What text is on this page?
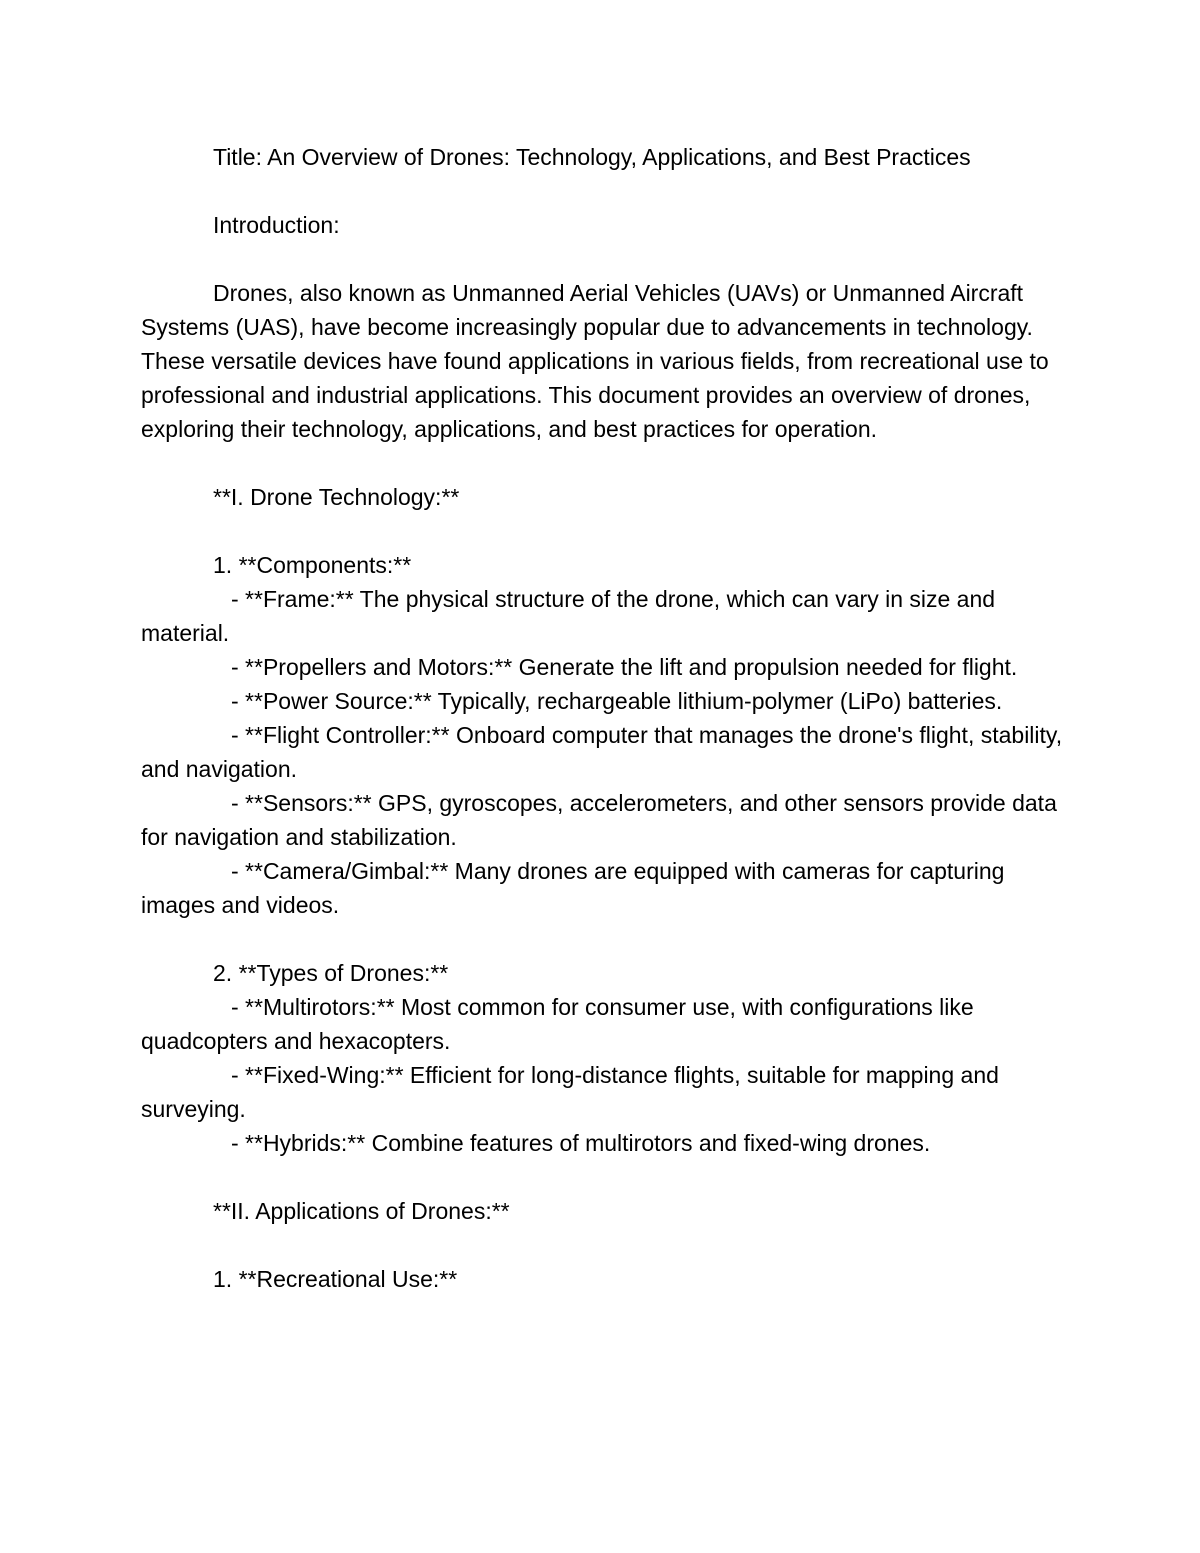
Title: An Overview of Drones: Technology, Applications, and Best Practices

Introduction:

Drones, also known as Unmanned Aerial Vehicles (UAVs) or Unmanned Aircraft Systems (UAS), have become increasingly popular due to advancements in technology. These versatile devices have found applications in various fields, from recreational use to professional and industrial applications. This document provides an overview of drones, exploring their technology, applications, and best practices for operation.

**I. Drone Technology:**

1. **Components:**

- **Frame:** The physical structure of the drone, which can vary in size and material.

- **Propellers and Motors:** Generate the lift and propulsion needed for flight.

- **Power Source:** Typically, rechargeable lithium-polymer (LiPo) batteries.

- **Flight Controller:** Onboard computer that manages the drone's flight, stability, and navigation.

- **Sensors:** GPS, gyroscopes, accelerometers, and other sensors provide data for navigation and stabilization.

- **Camera/Gimbal:** Many drones are equipped with cameras for capturing images and videos.

2. **Types of Drones:**

- **Multirotors:** Most common for consumer use, with configurations like quadcopters and hexacopters.

- **Fixed-Wing:** Efficient for long-distance flights, suitable for mapping and surveying.

- **Hybrids:** Combine features of multirotors and fixed-wing drones.

**II. Applications of Drones:**

1. **Recreational Use:**
